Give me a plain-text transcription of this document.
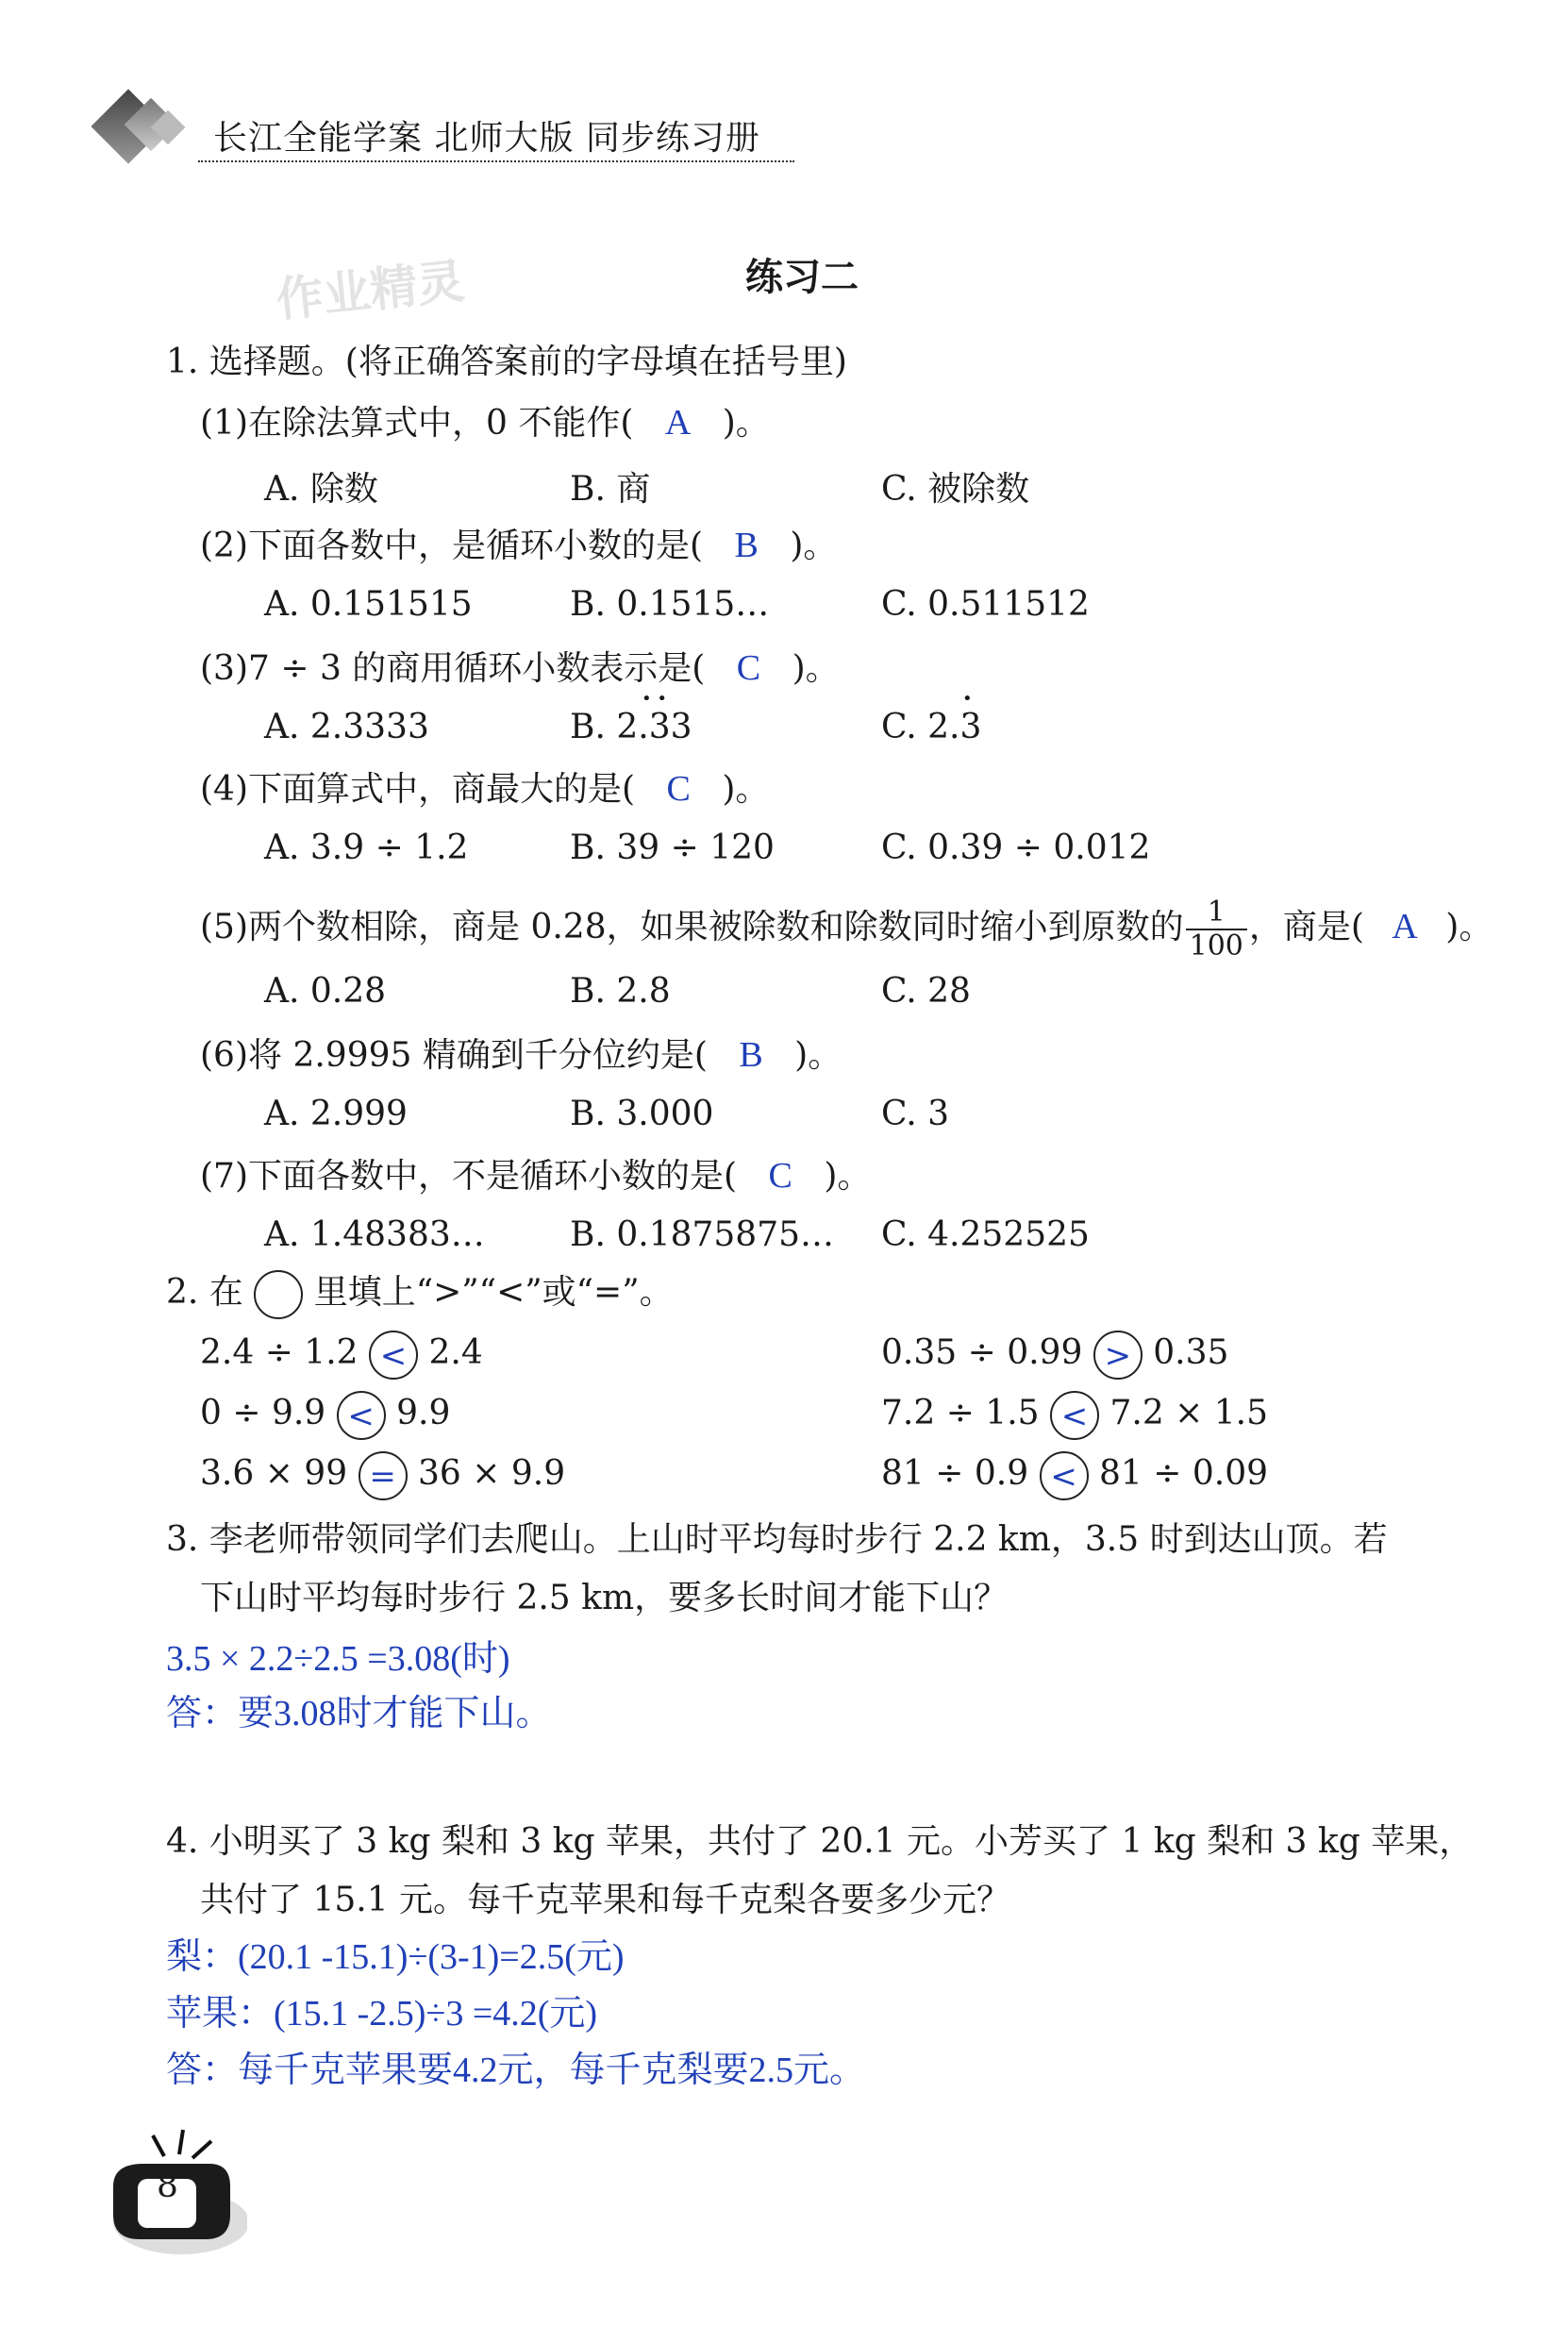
长江全能学案 北师大版 同步练习册
作业精灵	练习二
1. 选择题。(将正确答案前的字母填在括号里)
(1)在除法算式中，0 不能作( A )。
A. 除数	B. 商	C. 被除数
(2)下面各数中，是循环小数的是( B )。
A. 0.151515	B. 0.1515…	C. 0.511512
(3)7 ÷ 3 的商用循环小数表示是( C )。
A. 2.3333	B. 2.33
• •
C. 2.3
•
(4)下面算式中，商最大的是( C )。
A. 3.9 ÷ 1.2	B. 39 ÷ 120	C. 0.39 ÷ 0.012
(5)两个数相除，商是 0.28，如果被除数和除数同时缩小到原数的 $\frac{1}{100}$ ，商是( A )。
A. 0.28	B. 2.8	C. 28
(6)将 2.9995 精确到千分位约是( B )。
A. 2.999	B. 3.000	C. 3
(7)下面各数中，不是循环小数的是( C )。
A. 1.48383…	B. 0.1875875… C. 4.252525
2. 在 里填上“>”“<”或“=”。
2.4 ÷ 1.2 < 2.4	0.35 ÷ 0.99 > 0.35
0 ÷ 9.9 < 9.9	7.2 ÷ 1.5 < 7.2 × 1.5
3.6 × 99 = 36 × 9.9	81 ÷ 0.9 < 81 ÷ 0.09
3. 李老师带领同学们去爬山。上山时平均每时步行 2.2 km，3.5 时到达山顶。若
下山时平均每时步行 2.5 km，要多长时间才能下山？
3.5 × 2.2÷2.5 =3.08(时)
答：要3.08时才能下山。
4. 小明买了 3 kg 梨和 3 kg 苹果，共付了 20.1 元。小芳买了 1 kg 梨和 3 kg 苹果，
共付了 15.1 元。每千克苹果和每千克梨各要多少元？
梨：(20.1 -15.1)÷(3-1)=2.5(元)
苹果：(15.1 -2.5)÷3 =4.2(元)
答：每千克苹果要4.2元，每千克梨要2.5元。
8
